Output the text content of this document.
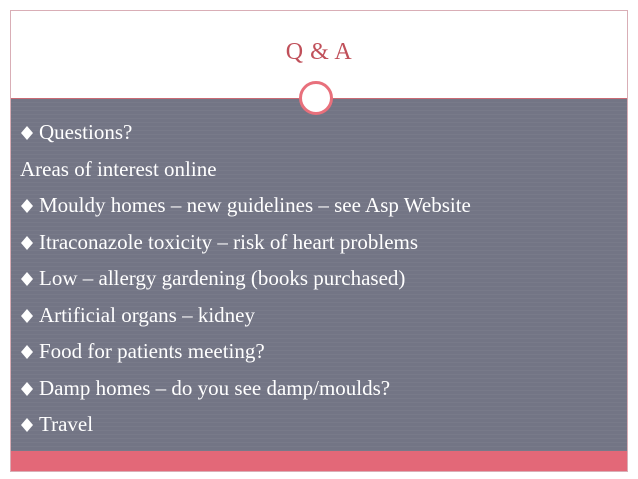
Q & A
Questions?
Areas of interest online
Mouldy homes – new guidelines – see Asp Website
Itraconazole toxicity – risk of heart problems
Low – allergy gardening (books purchased)
Artificial organs – kidney
Food for patients meeting?
Damp homes – do you see damp/moulds?
Travel
